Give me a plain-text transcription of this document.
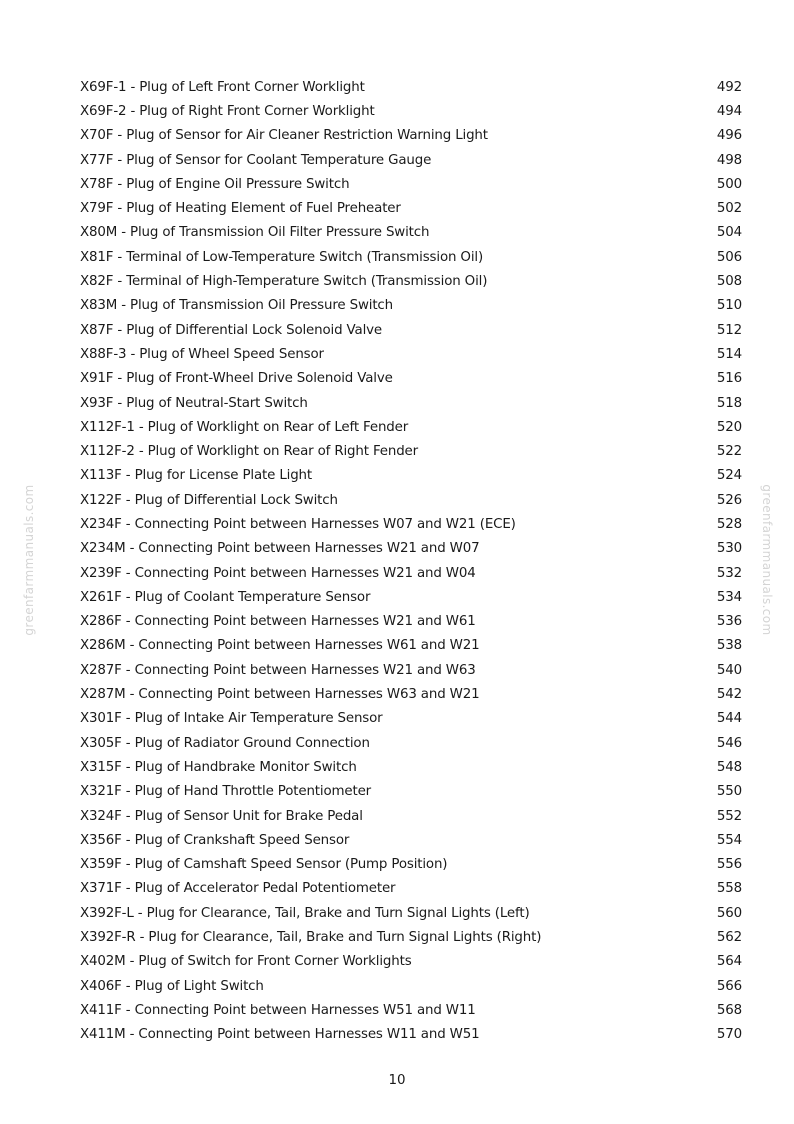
greenfarmmanuals.com	greenfarmmanuals.com
X69F-1 - Plug of Left Front Corner Worklight	492
X69F-2 - Plug of Right Front Corner Worklight	494
X70F - Plug of Sensor for Air Cleaner Restriction Warning Light	496
X77F - Plug of Sensor for Coolant Temperature Gauge	498
X78F - Plug of Engine Oil Pressure Switch	500
X79F - Plug of Heating Element of Fuel Preheater	502
X80M - Plug of Transmission Oil Filter Pressure Switch	504
X81F - Terminal of Low-Temperature Switch (Transmission Oil)	506
X82F - Terminal of High-Temperature Switch (Transmission Oil)	508
X83M - Plug of Transmission Oil Pressure Switch	510
X87F - Plug of Differential Lock Solenoid Valve	512
X88F-3 - Plug of Wheel Speed Sensor	514
X91F - Plug of Front-Wheel Drive Solenoid Valve	516
X93F - Plug of Neutral-Start Switch	518
X112F-1 - Plug of Worklight on Rear of Left Fender	520
X112F-2 - Plug of Worklight on Rear of Right Fender	522
X113F - Plug for License Plate Light	524
X122F - Plug of Differential Lock Switch	526
X234F - Connecting Point between Harnesses W07 and W21 (ECE)	528
X234M - Connecting Point between Harnesses W21 and W07	530
X239F - Connecting Point between Harnesses W21 and W04	532
X261F - Plug of Coolant Temperature Sensor	534
X286F - Connecting Point between Harnesses W21 and W61	536
X286M - Connecting Point between Harnesses W61 and W21	538
X287F - Connecting Point between Harnesses W21 and W63	540
X287M - Connecting Point between Harnesses W63 and W21	542
X301F - Plug of Intake Air Temperature Sensor	544
X305F - Plug of Radiator Ground Connection	546
X315F - Plug of Handbrake Monitor Switch	548
X321F - Plug of Hand Throttle Potentiometer	550
X324F - Plug of Sensor Unit for Brake Pedal	552
X356F - Plug of Crankshaft Speed Sensor	554
X359F - Plug of Camshaft Speed Sensor (Pump Position)	556
X371F - Plug of Accelerator Pedal Potentiometer	558
X392F-L - Plug for Clearance, Tail, Brake and Turn Signal Lights (Left)	560
X392F-R - Plug for Clearance, Tail, Brake and Turn Signal Lights (Right)	562
X402M - Plug of Switch for Front Corner Worklights	564
X406F - Plug of Light Switch	566
X411F - Connecting Point between Harnesses W51 and W11	568
X411M - Connecting Point between Harnesses W11 and W51	570
10
